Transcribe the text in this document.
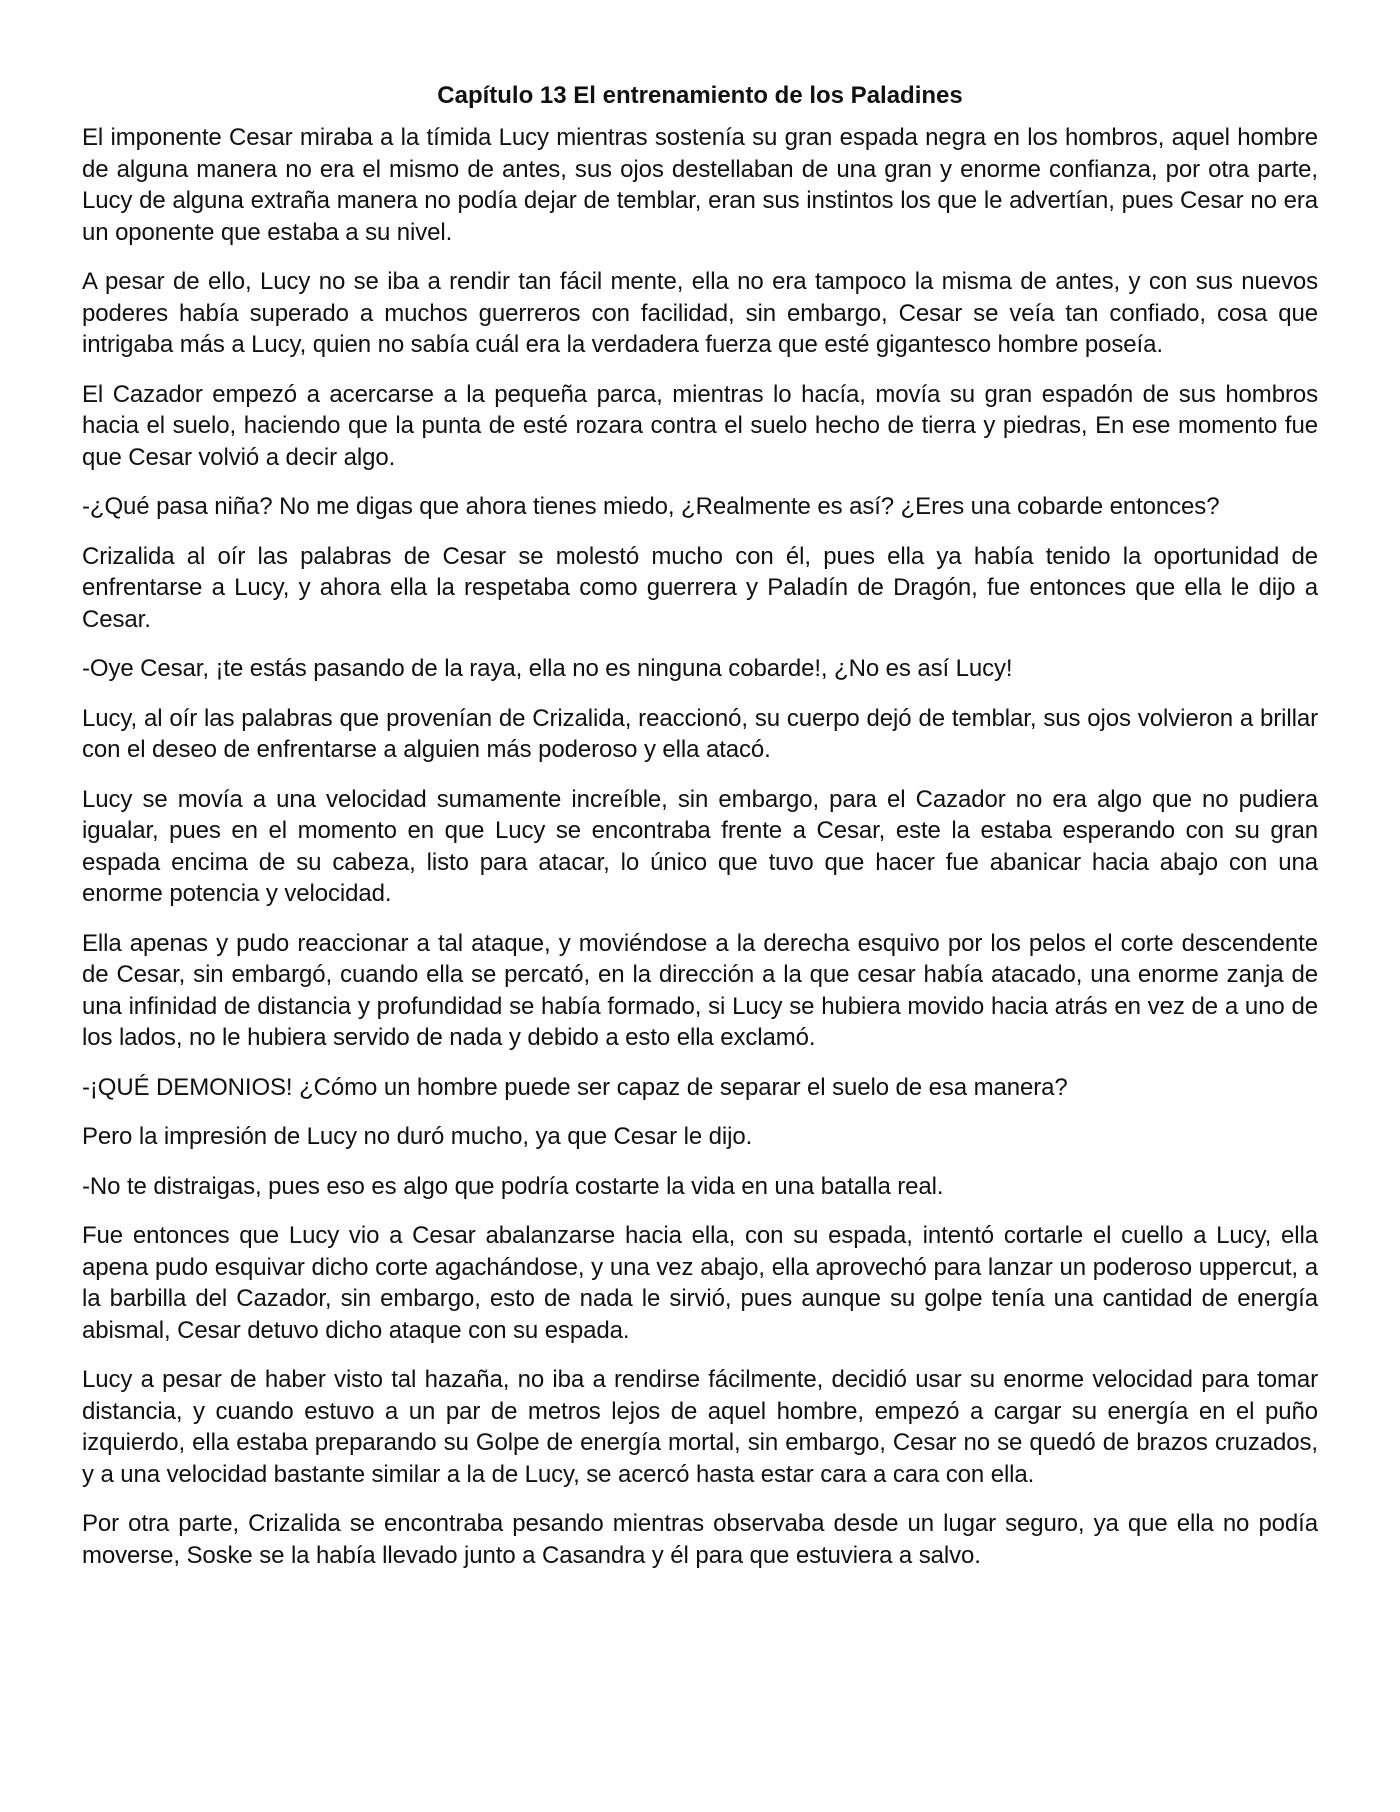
Capítulo 13 El entrenamiento de los Paladines

El imponente Cesar miraba a la tímida Lucy mientras sostenía su gran espada negra en los hombros, aquel hombre de alguna manera no era el mismo de antes, sus ojos destellaban de una gran y enorme confianza, por otra parte, Lucy de alguna extraña manera no podía dejar de temblar, eran sus instintos los que le advertían, pues Cesar no era un oponente que estaba a su nivel.

A pesar de ello, Lucy no se iba a rendir tan fácil mente, ella no era tampoco la misma de antes, y con sus nuevos poderes había superado a muchos guerreros con facilidad, sin embargo, Cesar se veía tan confiado, cosa que intrigaba más a Lucy, quien no sabía cuál era la verdadera fuerza que esté gigantesco hombre poseía.

El Cazador empezó a acercarse a la pequeña parca, mientras lo hacía, movía su gran espadón de sus hombros hacia el suelo, haciendo que la punta de esté rozara contra el suelo hecho de tierra y piedras, En ese momento fue que Cesar volvió a decir algo.

-¿Qué pasa niña? No me digas que ahora tienes miedo, ¿Realmente es así? ¿Eres una cobarde entonces?

Crizalida al oír las palabras de Cesar se molestó mucho con él, pues ella ya había tenido la oportunidad de enfrentarse a Lucy, y ahora ella la respetaba como guerrera y Paladín de Dragón, fue entonces que ella le dijo a Cesar.

-Oye Cesar, ¡te estás pasando de la raya, ella no es ninguna cobarde!, ¿No es así Lucy!

Lucy, al oír las palabras que provenían de Crizalida, reaccionó, su cuerpo dejó de temblar, sus ojos volvieron a brillar con el deseo de enfrentarse a alguien más poderoso y ella atacó.

Lucy se movía a una velocidad sumamente increíble, sin embargo, para el Cazador no era algo que no pudiera igualar, pues en el momento en que Lucy se encontraba frente a Cesar, este la estaba esperando con su gran espada encima de su cabeza, listo para atacar, lo único que tuvo que hacer fue abanicar hacia abajo con una enorme potencia y velocidad.

Ella apenas y pudo reaccionar a tal ataque, y moviéndose a la derecha esquivo por los pelos el corte descendente de Cesar, sin embargó, cuando ella se percató, en la dirección a la que cesar había atacado, una enorme zanja de una infinidad de distancia y profundidad se había formado, si Lucy se hubiera movido hacia atrás en vez de a uno de los lados, no le hubiera servido de nada y debido a esto ella exclamó.

-¡QUÉ DEMONIOS! ¿Cómo un hombre puede ser capaz de separar el suelo de esa manera?

Pero la impresión de Lucy no duró mucho, ya que Cesar le dijo.

-No te distraigas, pues eso es algo que podría costarte la vida en una batalla real.

Fue entonces que Lucy vio a Cesar abalanzarse hacia ella, con su espada, intentó cortarle el cuello a Lucy, ella apena pudo esquivar dicho corte agachándose, y una vez abajo, ella aprovechó para lanzar un poderoso uppercut, a la barbilla del Cazador, sin embargo, esto de nada le sirvió, pues aunque su golpe tenía una cantidad de energía abismal, Cesar detuvo dicho ataque con su espada.

Lucy a pesar de haber visto tal hazaña, no iba a rendirse fácilmente, decidió usar su enorme velocidad para tomar distancia, y cuando estuvo a un par de metros lejos de aquel hombre, empezó a cargar su energía en el puño izquierdo, ella estaba preparando su Golpe de energía mortal, sin embargo, Cesar no se quedó de brazos cruzados, y a una velocidad bastante similar a la de Lucy, se acercó hasta estar cara a cara con ella.

Por otra parte, Crizalida se encontraba pesando mientras observaba desde un lugar seguro, ya que ella no podía moverse, Soske se la había llevado junto a Casandra y él para que estuviera a salvo.
